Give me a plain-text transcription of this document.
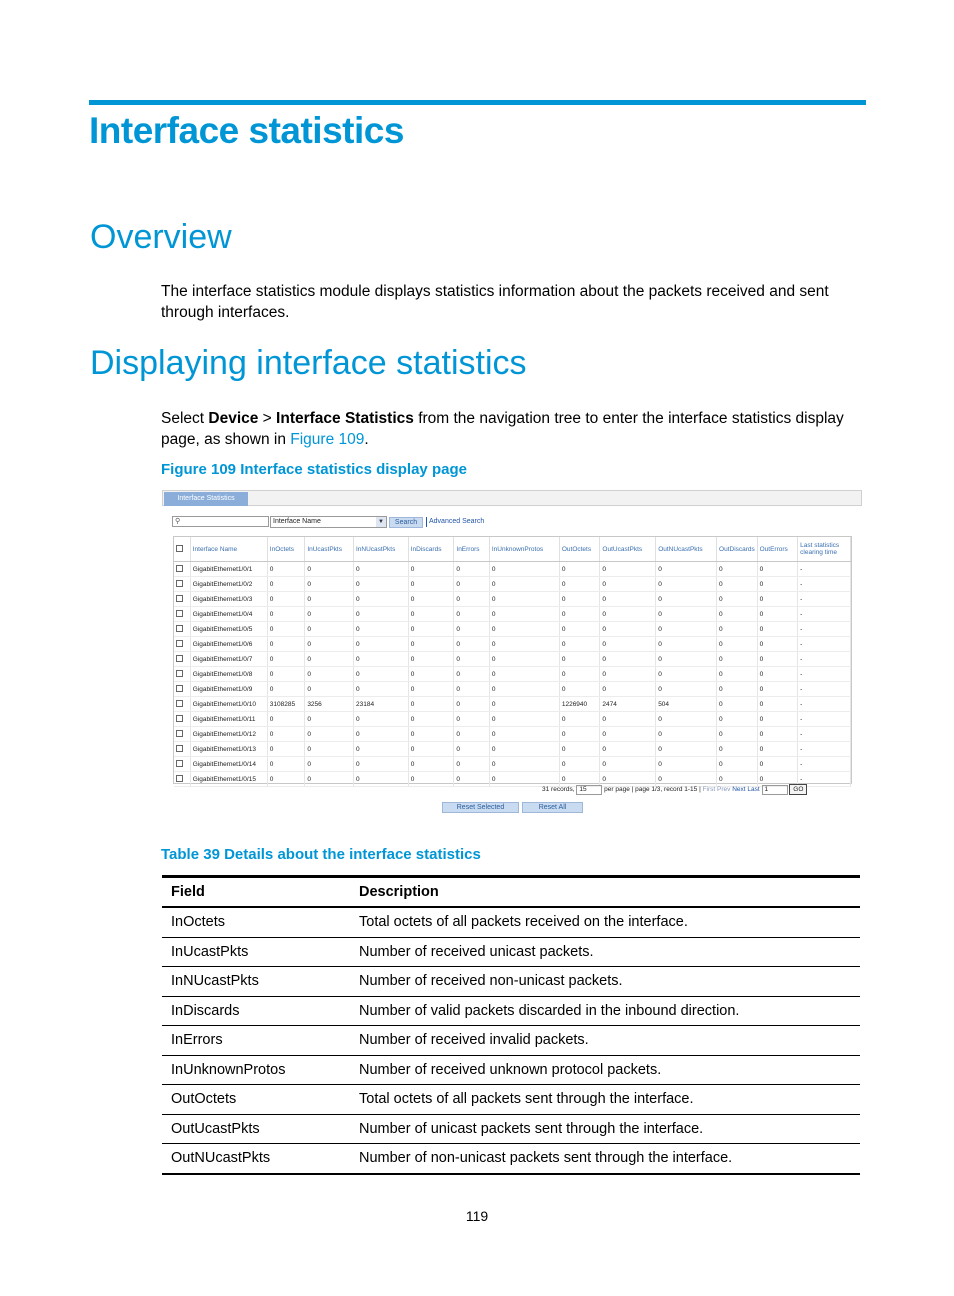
Interface statistics
Overview

The interface statistics module displays statistics information about the packets received and sent through interfaces.

Displaying interface statistics

Select Device > Interface Statistics from the navigation tree to enter the interface statistics display page, as shown in Figure 109.

Figure 109 Interface statistics display page

Interface Statistics
⚲	Interface Name	▼	Search	Advanced Search
	Interface Name	InOctets	InUcastPkts	InNUcastPkts	InDiscards	InErrors	InUnknownProtos	OutOctets	OutUcastPkts	OutNUcastPkts	OutDiscards	OutErrors	Last statistics clearing time
	GigabitEthernet1/0/1	0	0	0	0	0	0	0	0	0	0	0	-
	GigabitEthernet1/0/2	0	0	0	0	0	0	0	0	0	0	0	-
	GigabitEthernet1/0/3	0	0	0	0	0	0	0	0	0	0	0	-
	GigabitEthernet1/0/4	0	0	0	0	0	0	0	0	0	0	0	-
	GigabitEthernet1/0/5	0	0	0	0	0	0	0	0	0	0	0	-
	GigabitEthernet1/0/6	0	0	0	0	0	0	0	0	0	0	0	-
	GigabitEthernet1/0/7	0	0	0	0	0	0	0	0	0	0	0	-
	GigabitEthernet1/0/8	0	0	0	0	0	0	0	0	0	0	0	-
	GigabitEthernet1/0/9	0	0	0	0	0	0	0	0	0	0	0	-
	GigabitEthernet1/0/10	3108285	3256	23184	0	0	0	1226940	2474	504	0	0	-
	GigabitEthernet1/0/11	0	0	0	0	0	0	0	0	0	0	0	-
	GigabitEthernet1/0/12	0	0	0	0	0	0	0	0	0	0	0	-
	GigabitEthernet1/0/13	0	0	0	0	0	0	0	0	0	0	0	-
	GigabitEthernet1/0/14	0	0	0	0	0	0	0	0	0	0	0	-
	GigabitEthernet1/0/15	0	0	0	0	0	0	0	0	0	0	0	-
31 records, 15	per page | page 1/3, record 1-15 | First Prev Next Last 1	GO
Reset Selected	Reset All

Table 39 Details about the interface statistics

Field	Description
InOctets	Total octets of all packets received on the interface.
InUcastPkts	Number of received unicast packets.
InNUcastPkts	Number of received non-unicast packets.
InDiscards	Number of valid packets discarded in the inbound direction.
InErrors	Number of received invalid packets.
InUnknownProtos	Number of received unknown protocol packets.
OutOctets	Total octets of all packets sent through the interface.
OutUcastPkts	Number of unicast packets sent through the interface.
OutNUcastPkts	Number of non-unicast packets sent through the interface.
119
